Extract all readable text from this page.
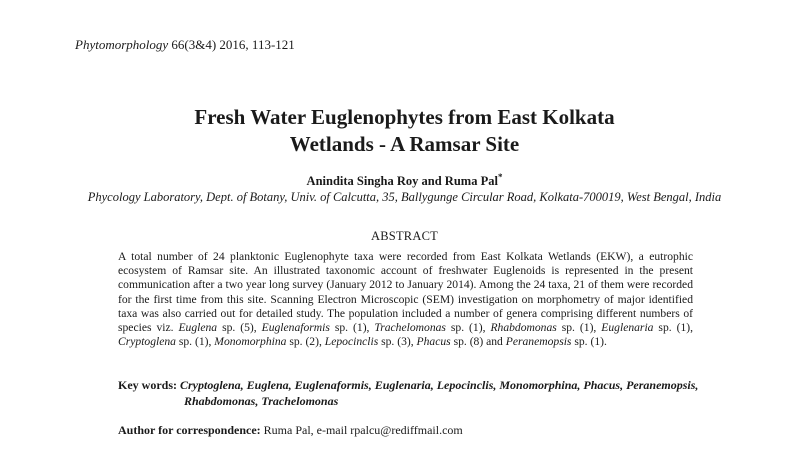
Phytomorphology 66(3&4) 2016, 113-121
Fresh Water Euglenophytes from East Kolkata
Wetlands - A Ramsar Site
Anindita Singha Roy and Ruma Pal*
Phycology Laboratory, Dept. of Botany, Univ. of Calcutta, 35, Ballygunge Circular Road, Kolkata-700019, West Bengal, India
ABSTRACT

A total number of 24 planktonic Euglenophyte taxa were recorded from East Kolkata Wetlands (EKW), a eutrophic ecosystem of Ramsar site. An illustrated taxonomic account of freshwater Euglenoids is represented in the present communication after a two year long survey (January 2012 to January 2014). Among the 24 taxa, 21 of them were recorded for the first time from this site. Scanning Electron Microscopic (SEM) investigation on morphometry of major identified taxa was also carried out for detailed study. The population included a number of genera comprising different numbers of species viz. Euglena sp. (5), Euglenaformis sp. (1), Trachelomonas sp. (1), Rhabdomonas sp. (1), Euglenaria sp. (1), Cryptoglena sp. (1), Monomorphina sp. (2), Lepocinclis sp. (3), Phacus sp. (8) and Peranemopsis sp. (1).

Key words: Cryptoglena, Euglena, Euglenaformis, Euglenaria, Lepocinclis, Monomorphina, Phacus, Peranemopsis,
Rhabdomonas, Trachelomonas
Author for correspondence: Ruma Pal, e-mail rpalcu@rediffmail.com
